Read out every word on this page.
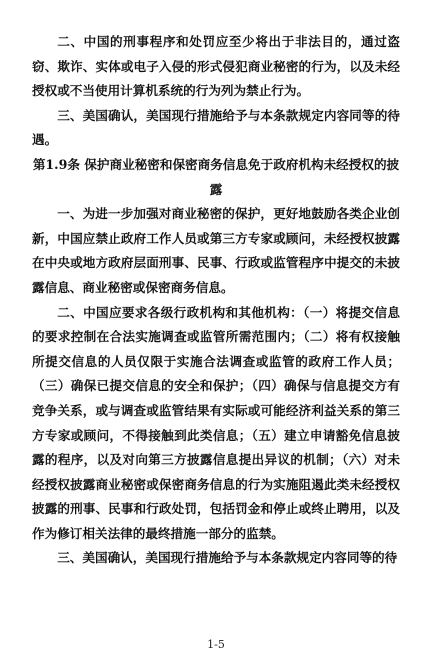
二、中国的刑事程序和处罚应至少将出于非法目的，通过盗窃、欺诈、实体或电子入侵的形式侵犯商业秘密的行为，以及未经授权或不当使用计算机系统的行为列为禁止行为。

三、美国确认，美国现行措施给予与本条款规定内容同等的待遇。

第1.9条 保护商业秘密和保密商务信息免于政府机构未经授权的披露

一、为进一步加强对商业秘密的保护，更好地鼓励各类企业创新，中国应禁止政府工作人员或第三方专家或顾问，未经授权披露在中央或地方政府层面刑事、民事、行政或监管程序中提交的未披露信息、商业秘密或保密商务信息。

二、中国应要求各级行政机构和其他机构：（一）将提交信息的要求控制在合法实施调查或监管所需范围内；（二）将有权接触所提交信息的人员仅限于实施合法调查或监管的政府工作人员；（三）确保已提交信息的安全和保护；（四）确保与信息提交方有竞争关系，或与调查或监管结果有实际或可能经济利益关系的第三方专家或顾问，不得接触到此类信息；（五）建立申请豁免信息披露的程序，以及对向第三方披露信息提出异议的机制；（六）对未经授权披露商业秘密或保密商务信息的行为实施阻遏此类未经授权披露的刑事、民事和行政处罚，包括罚金和停止或终止聘用，以及作为修订相关法律的最终措施一部分的监禁。

三、美国确认，美国现行措施给予与本条款规定内容同等的待

1-5
